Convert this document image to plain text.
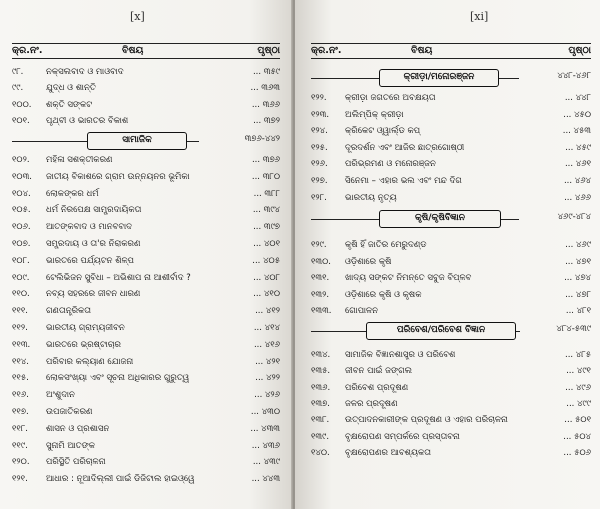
[x]
କ୍ର.ନଂ.	ବିଷୟ	ପୃଷ୍ଠା
୯୮.	ନକ୍ସଲବାଦ ଓ ମାଓବାଦ	... ୩୫୯
୯୯.	ଯୁଦ୍ଧ ଓ ଶାନ୍ତି	... ୩୬୩
୧୦୦.	ଶକ୍ତି ସଙ୍କଟ	... ୩୬୬
୧୦୧.	ପୃଥ୍ବୀ ଓ ଭାରତର ବିକାଶ	... ୩୭୨
ସାମାଜିକ	୩୭୬-୪୪୨
୧୦୨.	ମହିଳା ସଶକ୍ତୀକରଣ	... ୩୭୬
୧୦୩.	ଜାତୀୟ ବିକାଶରେ ଗ୍ରାମ ଉନ୍ନୟନର ଭୂମିକା	... ୩୮୦
୧୦୪.	ଲୋକଙ୍କର ଧର୍ମ	... ୩୮୮
୧୦୫.	ଧର୍ମ ନିରପେକ୍ଷ ସାମ୍ପ୍ରଦାୟିକତା	... ୩୯୪
୧୦୬.	ଆତଙ୍କବାଦ ଓ ମାନବବାଦ	... ୩୯୭
୧୦୭.	ସମ୍ପ୍ରଦାୟ ଓ ତା'ର ନିରାକରଣ	... ୪୦୧
୧୦୮.	ଭାରତରେ ପର୍ଯ୍ୟଟନ ଶିଳ୍ପ	... ୪୦୫
୧୦୯.	ଟେଲିଭିଜନ ସୁବିଧା – ଅଭିଶାପ ନା ଆଶୀର୍ବାଦ ?	... ୪୦୮
୧୧୦.	ନବ୍ୟ ସହରରେ ଜୀବନ ଧାରଣ	... ୪୧୦
୧୧୧.	ଗଣତାନ୍ତ୍ରିକତା	... ୪୧୨
୧୧୨.	ଭାରତୀୟ ଗ୍ରାମ୍ୟଜୀବନ	... ୪୧୪
୧୧୩.	ଭାରତରେ ଭ୍ରଷ୍ଟାଚାର	... ୪୧୬
୧୧୪.	ପରିବାର କଲ୍ୟାଣ ଯୋଜନା	... ୪୨୧
୧୧୫.	ଲୋକସଂଖ୍ୟା ଏବଂ ସୂଚନା ଅଧିକାରର ଗୁରୁତ୍ୱ	... ୪୨୨
୧୧୬.	ଅଂଶୁଦାନ	... ୪୨୬
୧୧୭.	ଉପଜାତିକରଣ	... ୪୩୦
୧୧୮.	ଶାସନ ଓ ପ୍ରଶାସନ	... ୪୩୩
୧୧୯.	ସୁନାମି ଆତଙ୍କ	... ୪୩୬
୧୨୦.	ପରିସ୍ଥିତି ପରିଚାଳନା	... ୪୩୯
୧୨୧.	ଆଧାର : ନୂଆଦିଲ୍ଲୀ ପାଇଁ ଡିଜିଟାଲ ହାଇଓ୍ୱେ	... ୪୪୩
[xi]
କ୍ର.ନଂ.	ବିଷୟ	ପୃଷ୍ଠା
କ୍ରୀଡ଼ା/ମନୋରଞ୍ଜନ	୪୪୮-୪୬୮
୧୨୨.	କ୍ରୀଡ଼ା ଜଗତରେ ଅବକ୍ଷୟତା	... ୪୪୮
୧୨୩.	ଅଲିମ୍ପିକ୍ କ୍ରୀଡ଼ା	... ୪୫୦
୧୨୪.	କ୍ରିକେଟ ଓ୍ୱାର୍ଲ୍ଡ କପ୍	... ୪୫୩
୧୨୫.	ଦୂରଦର୍ଶନ ଏବଂ ଆଜିର ଛାତ୍ରଗୋଷ୍ଠୀ	... ୪୫୯
୧୨୬.	ପରିଭ୍ରମଣ ଓ ମନୋରଞ୍ଜନ	... ୪୬୧
୧୨୭.	ସିନେମା – ଏହାର ଭଲ ଏବଂ ମନ୍ଦ ଦିଗ	... ୪୬୪
୧୨୮.	ଭାରତୀୟ ନୃତ୍ୟ	... ୪୬୬
କୃଷି/କୃଷିବିଜ୍ଞାନ	୪୬୯-୪୮୪
୧୨୯.	କୃଷି ହିଁ ଜାତିର ମେରୁଦଣ୍ଡ	... ୪୬୯
୧୩୦.	ଓଡ଼ିଶାରେ କୃଷି	... ୪୭୧
୧୩୧.	ଖାଦ୍ୟ ସଙ୍କଟ ନିମନ୍ତେ ସବୁଜ ବିପ୍ଳବ	... ୪୭୪
୧୩୨.	ଓଡ଼ିଶାରେ କୃଷି ଓ କୃଷକ	... ୪୭୮
୧୩୩.	ଗୋପାଳନ	... ୪୮୧
ପରିବେଶ/ପରିବେଶ ବିଜ୍ଞାନ	୪୮୪-୫୩୯
୧୩୪.	ସାମାଜିକ ବିଜ୍ଞାନଶାସ୍ତ୍ର ଓ ପରିବେଶ	... ୪୮୫
୧୩୫.	ଜୀବନ ପାଇଁ ଜଙ୍ଗଲ	... ୪୯୧
୧୩୬.	ପରିବେଶ ପ୍ରଦୂଷଣ	... ୪୯୬
୧୩୭.	ଜଳର ପ୍ରଦୂଷଣ	... ୪୯୯
୧୩୮.	ଉତ୍ପାଦନକାରୀଙ୍କ ପ୍ରଦୂଷଣ ଓ ଏହାର ପରିଚାଳନା	... ୫୦୧
୧୩୯.	ବୃକ୍ଷରୋପଣ ସମ୍ପର୍କରେ ପ୍ରସ୍ତାବନା	... ୫୦୪
୧୪୦.	ବୃକ୍ଷରୋପଣର ଆବଶ୍ୟକତା	... ୫୦୬
